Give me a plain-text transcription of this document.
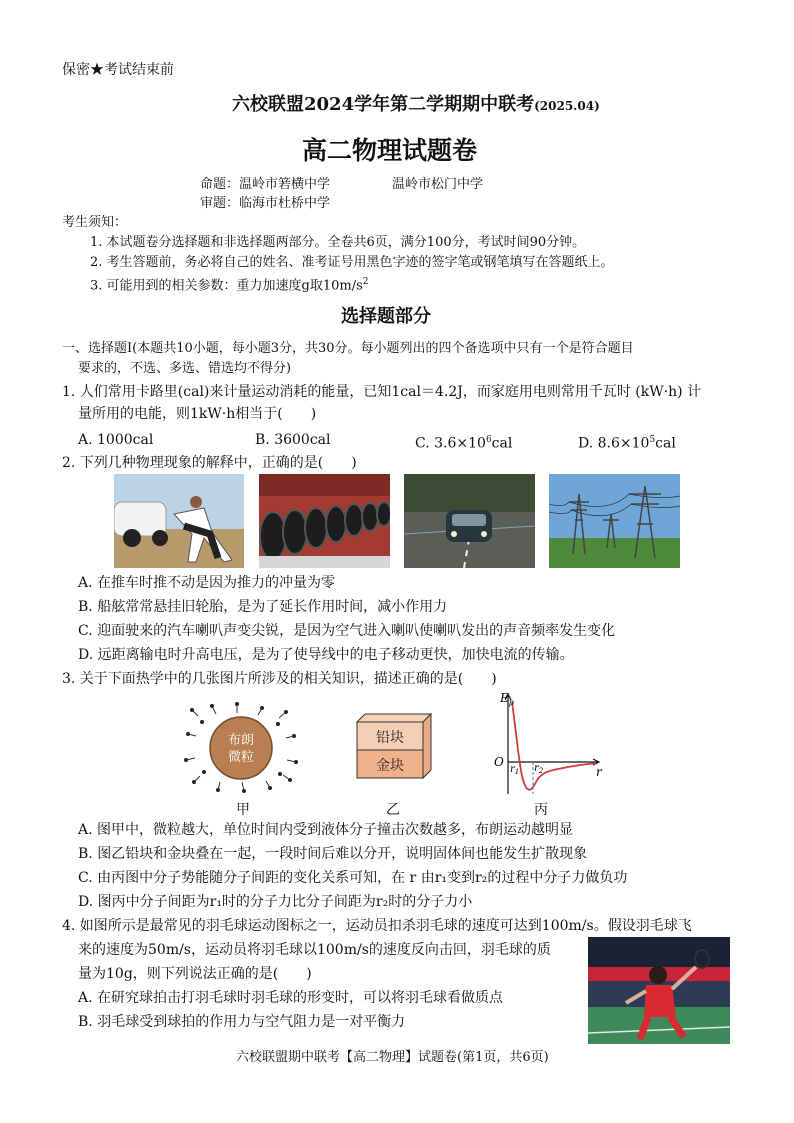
保密★考试结束前
六校联盟2024学年第二学期期中联考(2025.04)
高二物理试题卷
命题：温岭市箬横中学	温岭市松门中学
审题：临海市杜桥中学
考生须知：
1. 本试题卷分选择题和非选择题两部分。全卷共6页，满分100分，考试时间90分钟。
2. 考生答题前，务必将自己的姓名、准考证号用黑色字迹的签字笔或钢笔填写在答题纸上。
3. 可能用到的相关参数：重力加速度g取$10m/s^2$
选择题部分
一、选择题Ⅰ(本题共10小题，每小题3分，共30分。每小题列出的四个备选项中只有一个是符合题目
要求的，不选、多选、错选均不得分)
1. 人们常用卡路里(cal)来计量运动消耗的能量，已知1cal＝4.2J，而家庭用电则常用千瓦时 (kW·h) 计
量所用的电能，则1kW·h相当于(　　)
A. 1000cal	B. 3600cal	C. $3.6\times 10^6cal$	D. $8.6\times 10^5cal$
2. 下列几种物理现象的解释中，正确的是(　　)
A. 在推车时推不动是因为推力的冲量为零
B. 船舷常常悬挂旧轮胎，是为了延长作用时间，减小作用力
C. 迎面驶来的汽车喇叭声变尖锐，是因为空气进入喇叭使喇叭发出的声音频率发生变化
D. 远距离输电时升高电压，是为了使导线中的电子移动更快，加快电流的传输。
3. 关于下面热学中的几张图片所涉及的相关知识，描述正确的是(　　)
布朗
微粒
铅块
金块
$E_p$
O
$r_1$ $r_2$	r
甲	乙	丙
A. 图甲中，微粒越大，单位时间内受到液体分子撞击次数越多，布朗运动越明显
B. 图乙铅块和金块叠在一起，一段时间后难以分开，说明固体间也能发生扩散现象
C. 由丙图中分子势能随分子间距的变化关系可知，在 r 由r₁变到r₂的过程中分子力做负功
D. 图丙中分子间距为r₁时的分子力比分子间距为r₂时的分子力小
4. 如图所示是最常见的羽毛球运动图标之一，运动员扣杀羽毛球的速度可达到100m/s。假设羽毛球飞
来的速度为50m/s，运动员将羽毛球以100m/s的速度反向击回，羽毛球的质
量为10g，则下列说法正确的是(　　)
A. 在研究球拍击打羽毛球时羽毛球的形变时，可以将羽毛球看做质点
B. 羽毛球受到球拍的作用力与空气阻力是一对平衡力
六校联盟期中联考【高二物理】试题卷(第1页，共6页)
